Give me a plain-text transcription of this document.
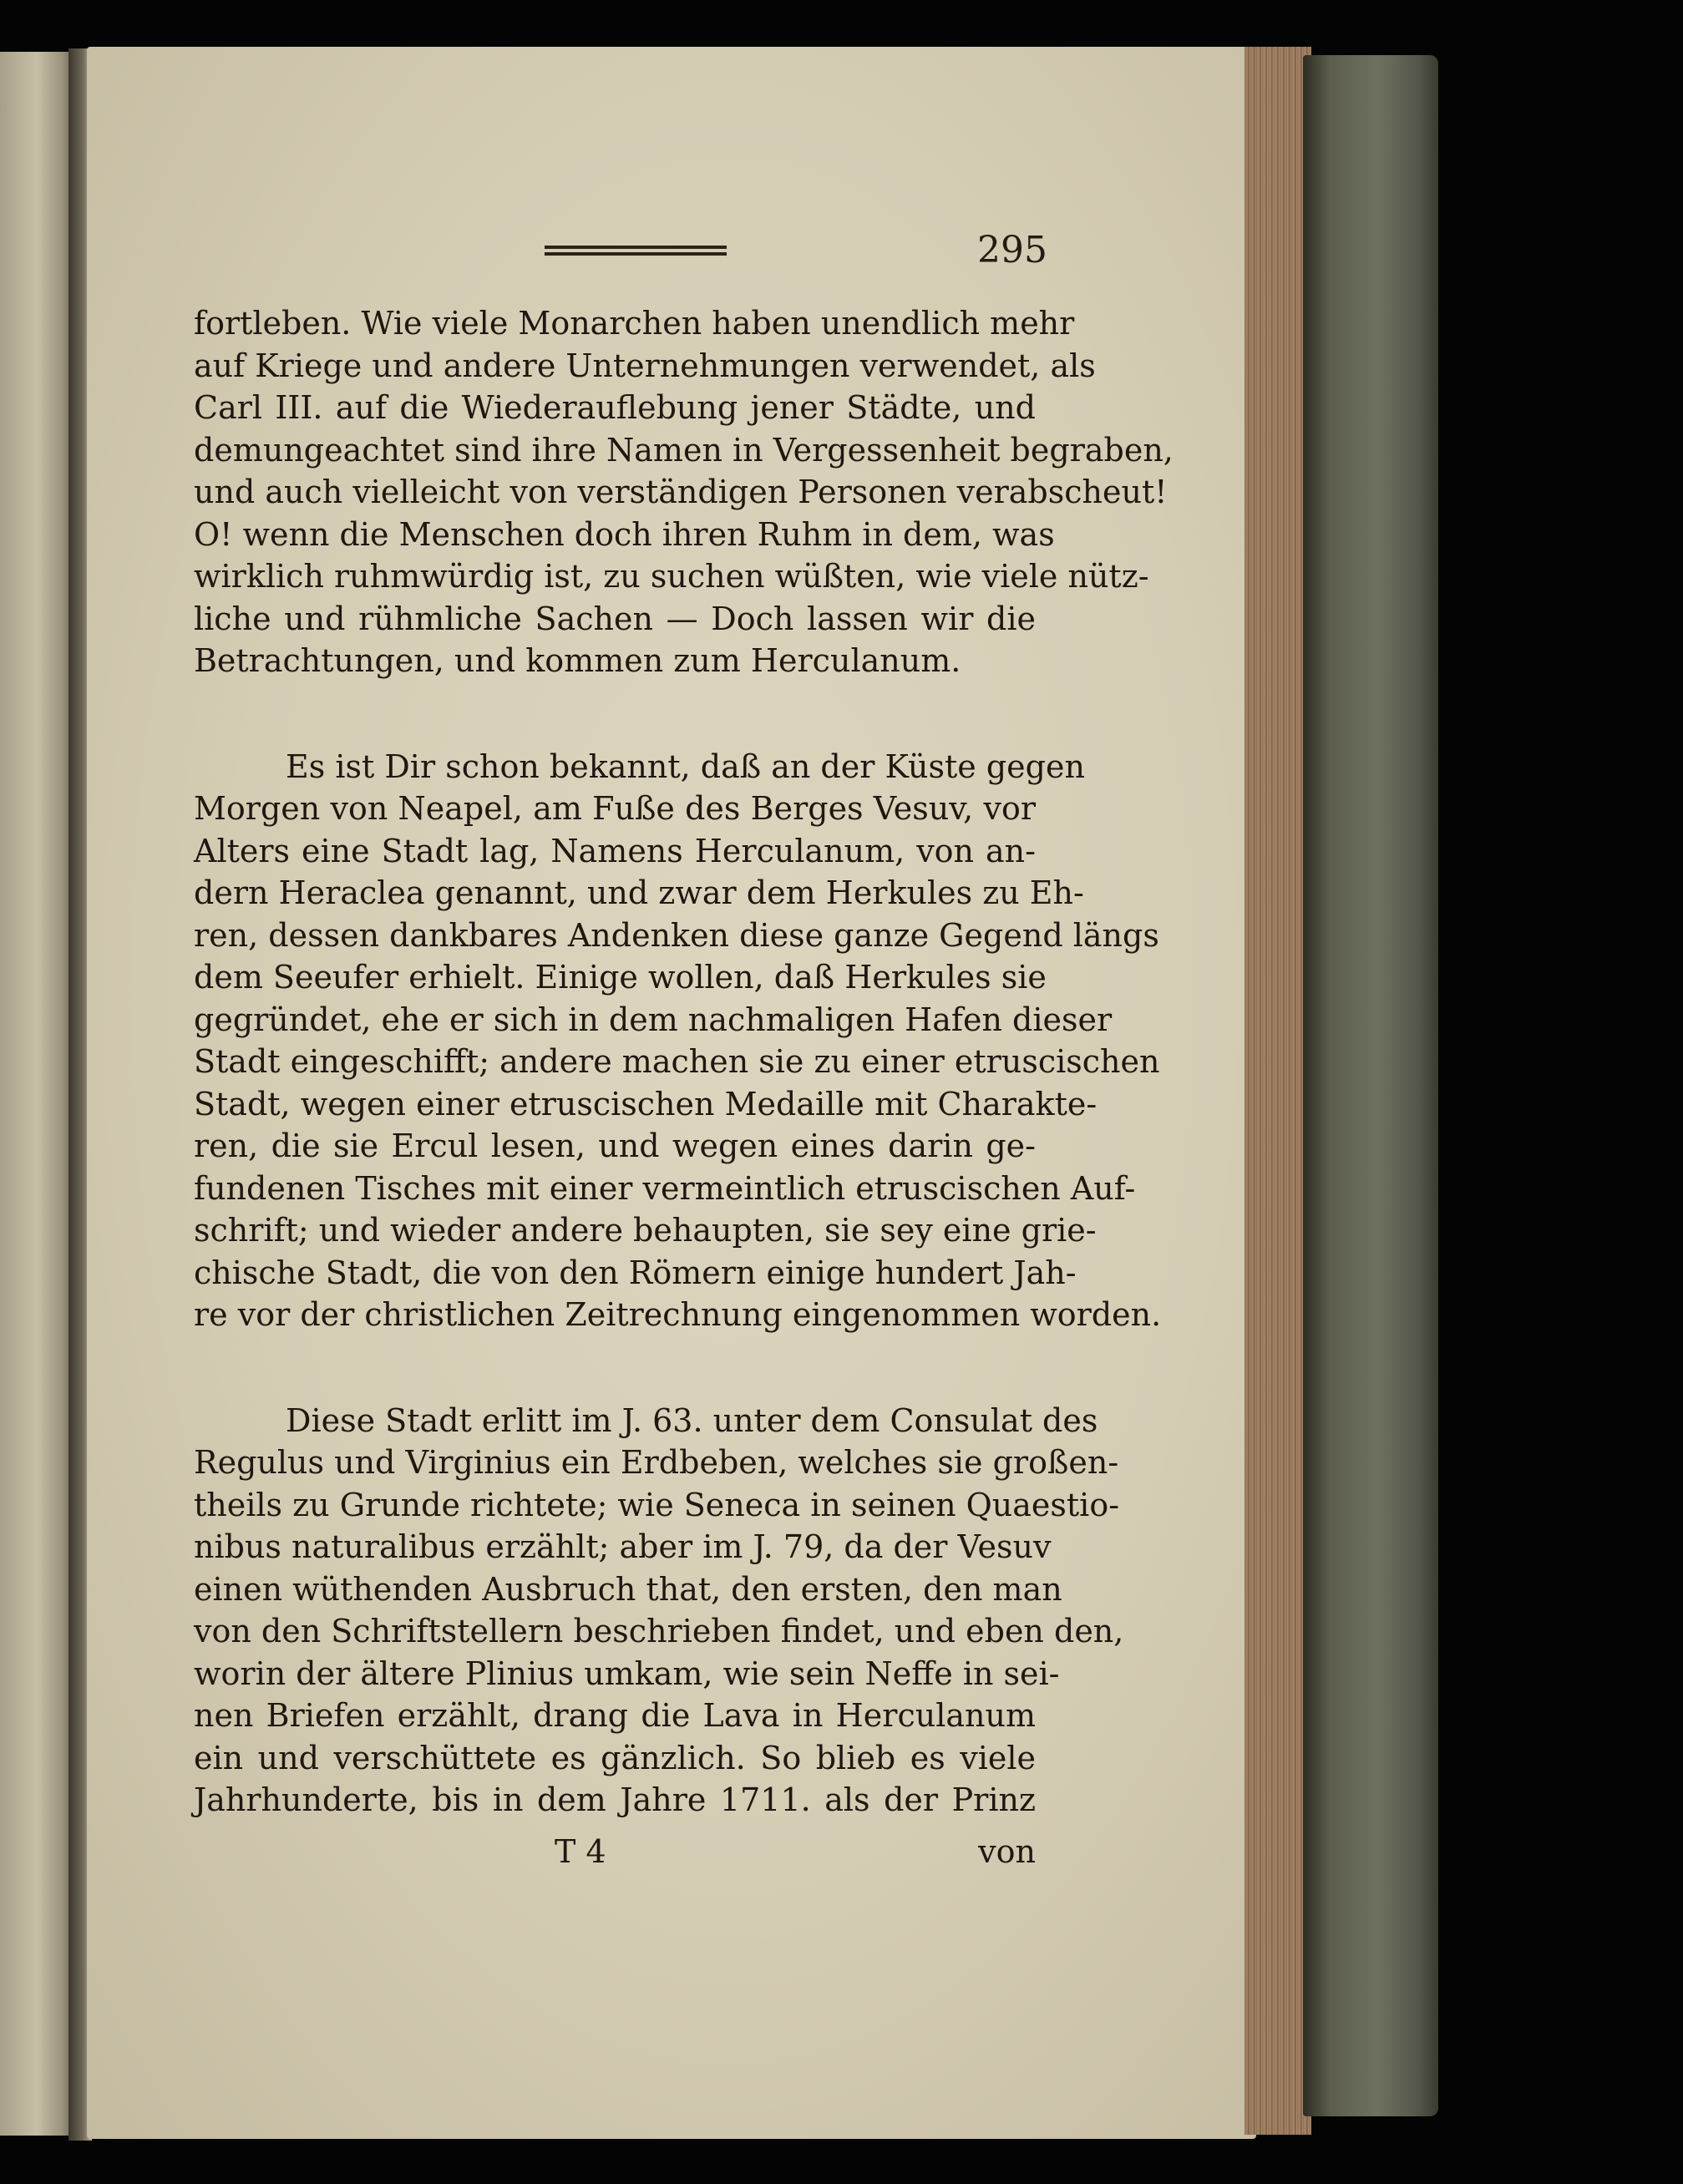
295
fortleben. Wie viele Monarchen haben unendlich mehr
auf Kriege und andere Unternehmungen verwendet, als
Carl III. auf die Wiederauflebung jener Städte, und
demungeachtet sind ihre Namen in Vergessenheit begraben,
und auch vielleicht von verständigen Personen verabscheut!
O! wenn die Menschen doch ihren Ruhm in dem, was
wirklich ruhmwürdig ist, zu suchen wüßten, wie viele nütz-
liche und rühmliche Sachen — Doch lassen wir die
Betrachtungen, und kommen zum Herculanum.
Es ist Dir schon bekannt, daß an der Küste gegen
Morgen von Neapel, am Fuße des Berges Vesuv, vor
Alters eine Stadt lag, Namens Herculanum, von an-
dern Heraclea genannt, und zwar dem Herkules zu Eh-
ren, dessen dankbares Andenken diese ganze Gegend längs
dem Seeufer erhielt. Einige wollen, daß Herkules sie
gegründet, ehe er sich in dem nachmaligen Hafen dieser
Stadt eingeschifft; andere machen sie zu einer etruscischen
Stadt, wegen einer etruscischen Medaille mit Charakte-
ren, die sie Ercul lesen, und wegen eines darin ge-
fundenen Tisches mit einer vermeintlich etruscischen Auf-
schrift; und wieder andere behaupten, sie sey eine grie-
chische Stadt, die von den Römern einige hundert Jah-
re vor der christlichen Zeitrechnung eingenommen worden.
Diese Stadt erlitt im J. 63. unter dem Consulat des
Regulus und Virginius ein Erdbeben, welches sie großen-
theils zu Grunde richtete; wie Seneca in seinen Quaestio-
nibus naturalibus erzählt; aber im J. 79, da der Vesuv
einen wüthenden Ausbruch that, den ersten, den man
von den Schriftstellern beschrieben findet, und eben den,
worin der ältere Plinius umkam, wie sein Neffe in sei-
nen Briefen erzählt, drang die Lava in Herculanum
ein und verschüttete es gänzlich. So blieb es viele
Jahrhunderte, bis in dem Jahre 1711. als der Prinz
T 4	von
